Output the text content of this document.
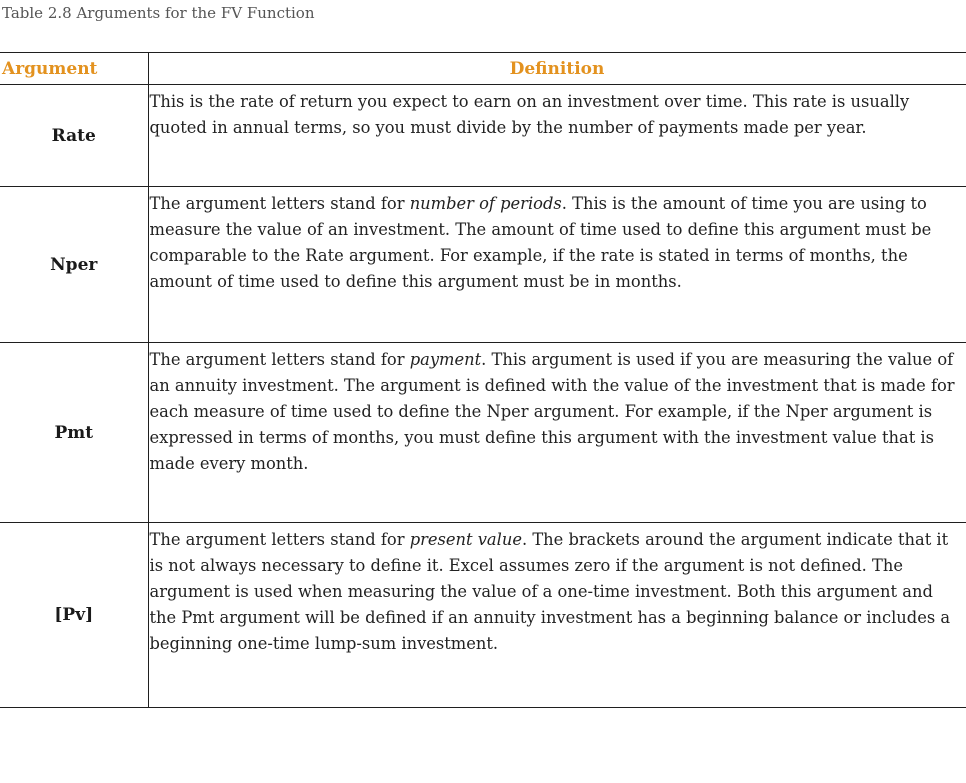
Table 2.8 Arguments for the FV Function
Argument	Definition
Rate	This is the rate of return you expect to earn on an investment over time. This rate is usually quoted in annual terms, so you must divide by the number of payments made per year.
Nper	The argument letters stand for number of periods. This is the amount of time you are using to measure the value of an investment. The amount of time used to define this argument must be comparable to the Rate argument. For example, if the rate is stated in terms of months, the amount of time used to define this argument must be in months.
Pmt	The argument letters stand for payment. This argument is used if you are measuring the value of an annuity investment. The argument is defined with the value of the investment that is made for each measure of time used to define the Nper argument. For example, if the Nper argument is expressed in terms of months, you must define this argument with the investment value that is made every month.
[Pv]	The argument letters stand for present value. The brackets around the argument indicate that it is not always necessary to define it. Excel assumes zero if the argument is not defined. The argument is used when measuring the value of a one-time investment. Both this argument and the Pmt argument will be defined if an annuity investment has a beginning balance or includes a beginning one-time lump-sum investment.
